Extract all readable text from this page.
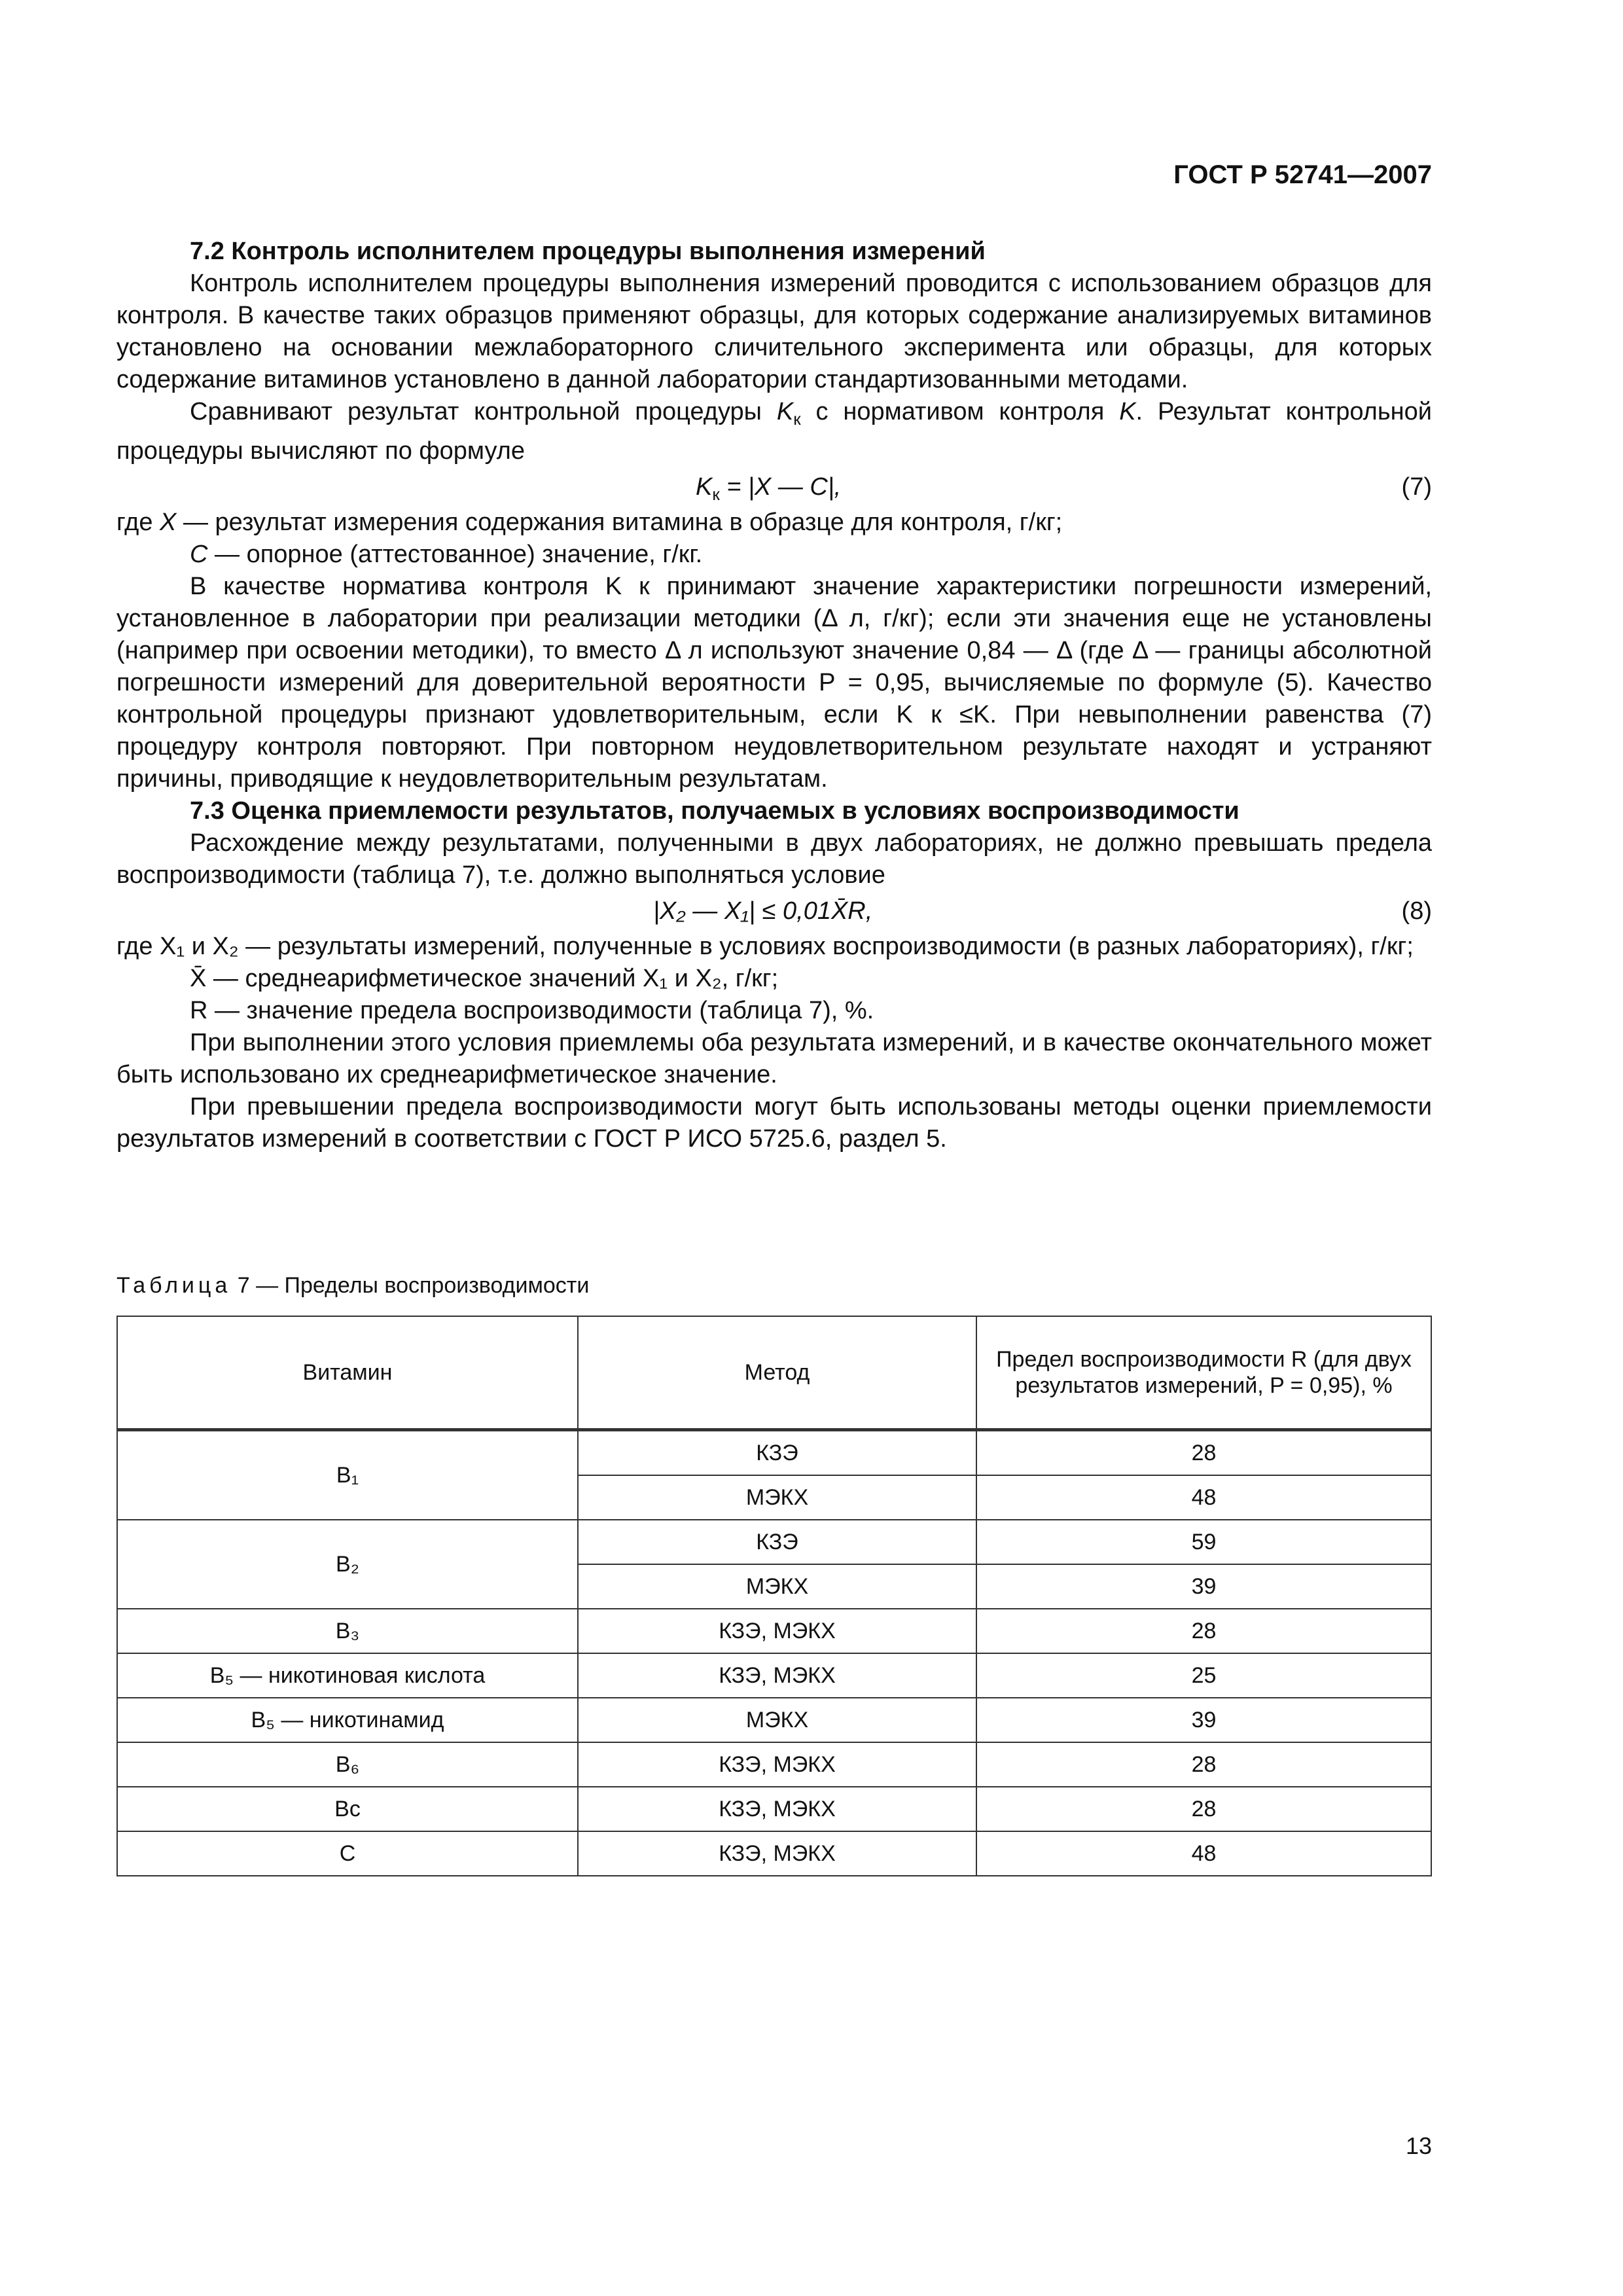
ГОСТ Р 52741—2007

7.2 Контроль исполнителем процедуры выполнения измерений

Контроль исполнителем процедуры выполнения измерений проводится с использованием образцов для контроля. В качестве таких образцов применяют образцы, для которых содержание анализируемых витаминов установлено на основании межлабораторного сличительного эксперимента или образцы, для которых содержание витаминов установлено в данной лаборатории стандартизованными методами.

Сравнивают результат контрольной процедуры $K_к$ с нормативом контроля K. Результат контрольной процедуры вычисляют по формуле

$K_к = |X$ — C|,	(7)
где X — результат измерения содержания витамина в образце для контроля, г/кг;
C — опорное (аттестованное) значение, г/кг.

В качестве норматива контроля K к принимают значение характеристики погрешности измерений, установленное в лаборатории при реализации методики (Δ л, г/кг); если эти значения еще не установлены (например при освоении методики), то вместо Δ л используют значение 0,84 — Δ (где Δ — границы абсолютной погрешности измерений для доверительной вероятности P = 0,95, вычисляемые по формуле (5). Качество контрольной процедуры признают удовлетворительным, если K к ≤K. При невыполнении равенства (7) процедуру контроля повторяют. При повторном неудовлетворительном результате находят и устраняют причины, приводящие к неудовлетворительным результатам.

7.3 Оценка приемлемости результатов, получаемых в условиях воспроизводимости

Расхождение между результатами, полученными в двух лабораториях, не должно превышать предела воспроизводимости (таблица 7), т.е. должно выполняться условие

|X₂ — X₁| ≤ 0,01X̄R,	(8)
где X₁ и X₂ — результаты измерений, полученные в условиях воспроизводимости (в разных лабораториях), г/кг;
X̄ — среднеарифметическое значений X₁ и X₂, г/кг;
R — значение предела воспроизводимости (таблица 7), %.

При выполнении этого условия приемлемы оба результата измерений, и в качестве окончательного может быть использовано их среднеарифметическое значение.

При превышении предела воспроизводимости могут быть использованы методы оценки приемлемости результатов измерений в соответствии с ГОСТ Р ИСО 5725.6, раздел 5.

Таблица 7 — Пределы воспроизводимости
Витамин	Метод	Предел воспроизводимости R (для двух результатов измерений, P = 0,95), %
B₁	КЗЭ	28
	МЭКХ	48
B₂	КЗЭ	59
	МЭКХ	39
B₃	КЗЭ, МЭКХ	28
B₅ — никотиновая кислота	КЗЭ, МЭКХ	25
B₅ — никотинамид	МЭКХ	39
B₆	КЗЭ, МЭКХ	28
Bc	КЗЭ, МЭКХ	28
C	КЗЭ, МЭКХ	48
13
